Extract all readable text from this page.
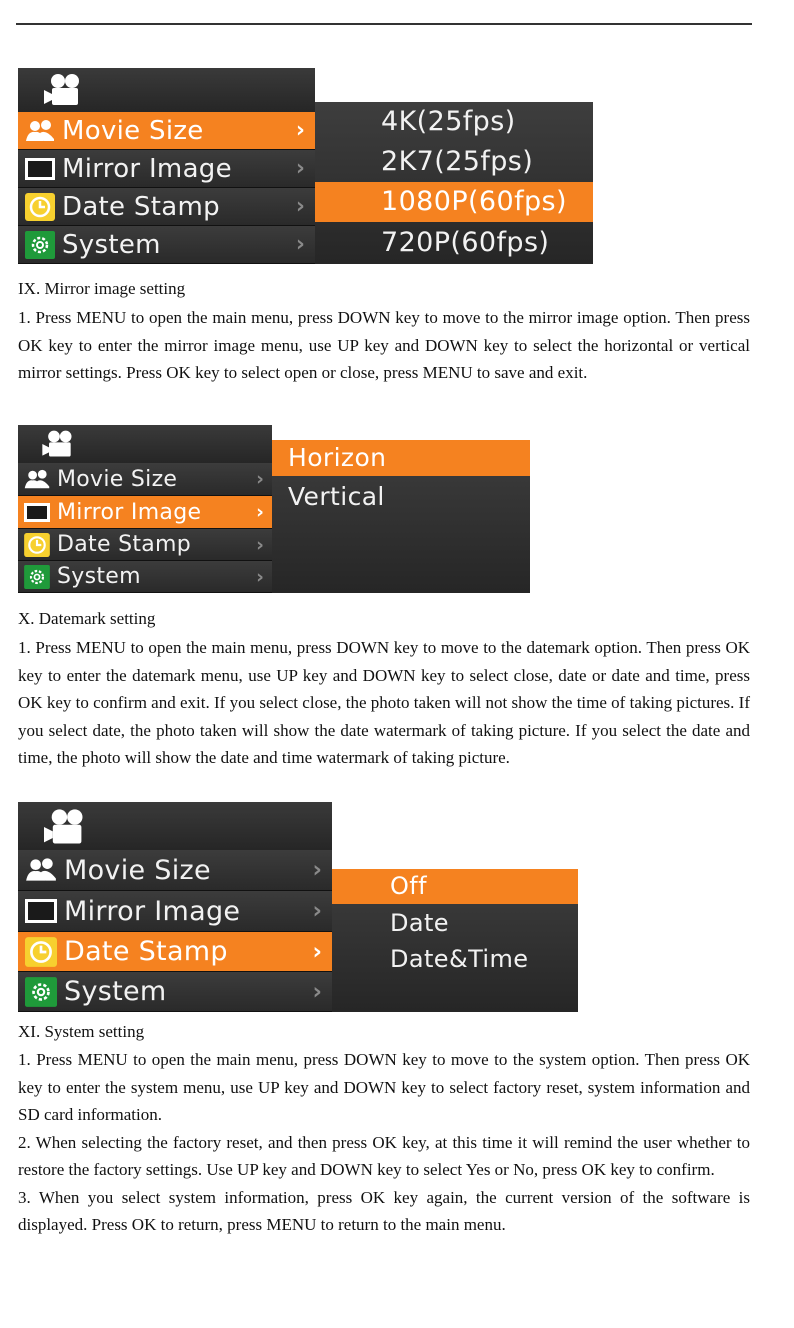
Movie Size	›
Mirror Image	›
Date Stamp	›
System	›
4K(25fps)
2K7(25fps)
1080P(60fps)
720P(60fps)
IX. Mirror image setting

1. Press MENU to open the main menu, press DOWN key to move to the mirror image option. Then press OK key to enter the mirror image menu, use UP key and DOWN key to select the horizontal or vertical mirror settings. Press OK key to select open or close, press MENU to save and exit.

Movie Size	›
Mirror Image	›
Date Stamp	›
System	›
Horizon
Vertical
X. Datemark setting

1. Press MENU to open the main menu, press DOWN key to move to the datemark option. Then press OK key to enter the datemark menu, use UP key and DOWN key to select close, date or date and time, press OK key to confirm and exit. If you select close, the photo taken will not show the time of taking pictures. If you select date, the photo taken will show the date watermark of taking picture. If you select the date and time, the photo will show the date and time watermark of taking picture.

Movie Size	›
Mirror Image	›
Date Stamp	›
System	›
Off
Date
Date&Time
XI. System setting

1. Press MENU to open the main menu, press DOWN key to move to the system option. Then press OK key to enter the system menu, use UP key and DOWN key to select factory reset, system information and SD card information.

2. When selecting the factory reset, and then press OK key, at this time it will remind the user whether to restore the factory settings. Use UP key and DOWN key to select Yes or No, press OK key to confirm.

3. When you select system information, press OK key again, the current version of the software is displayed. Press OK to return, press MENU to return to the main menu.
